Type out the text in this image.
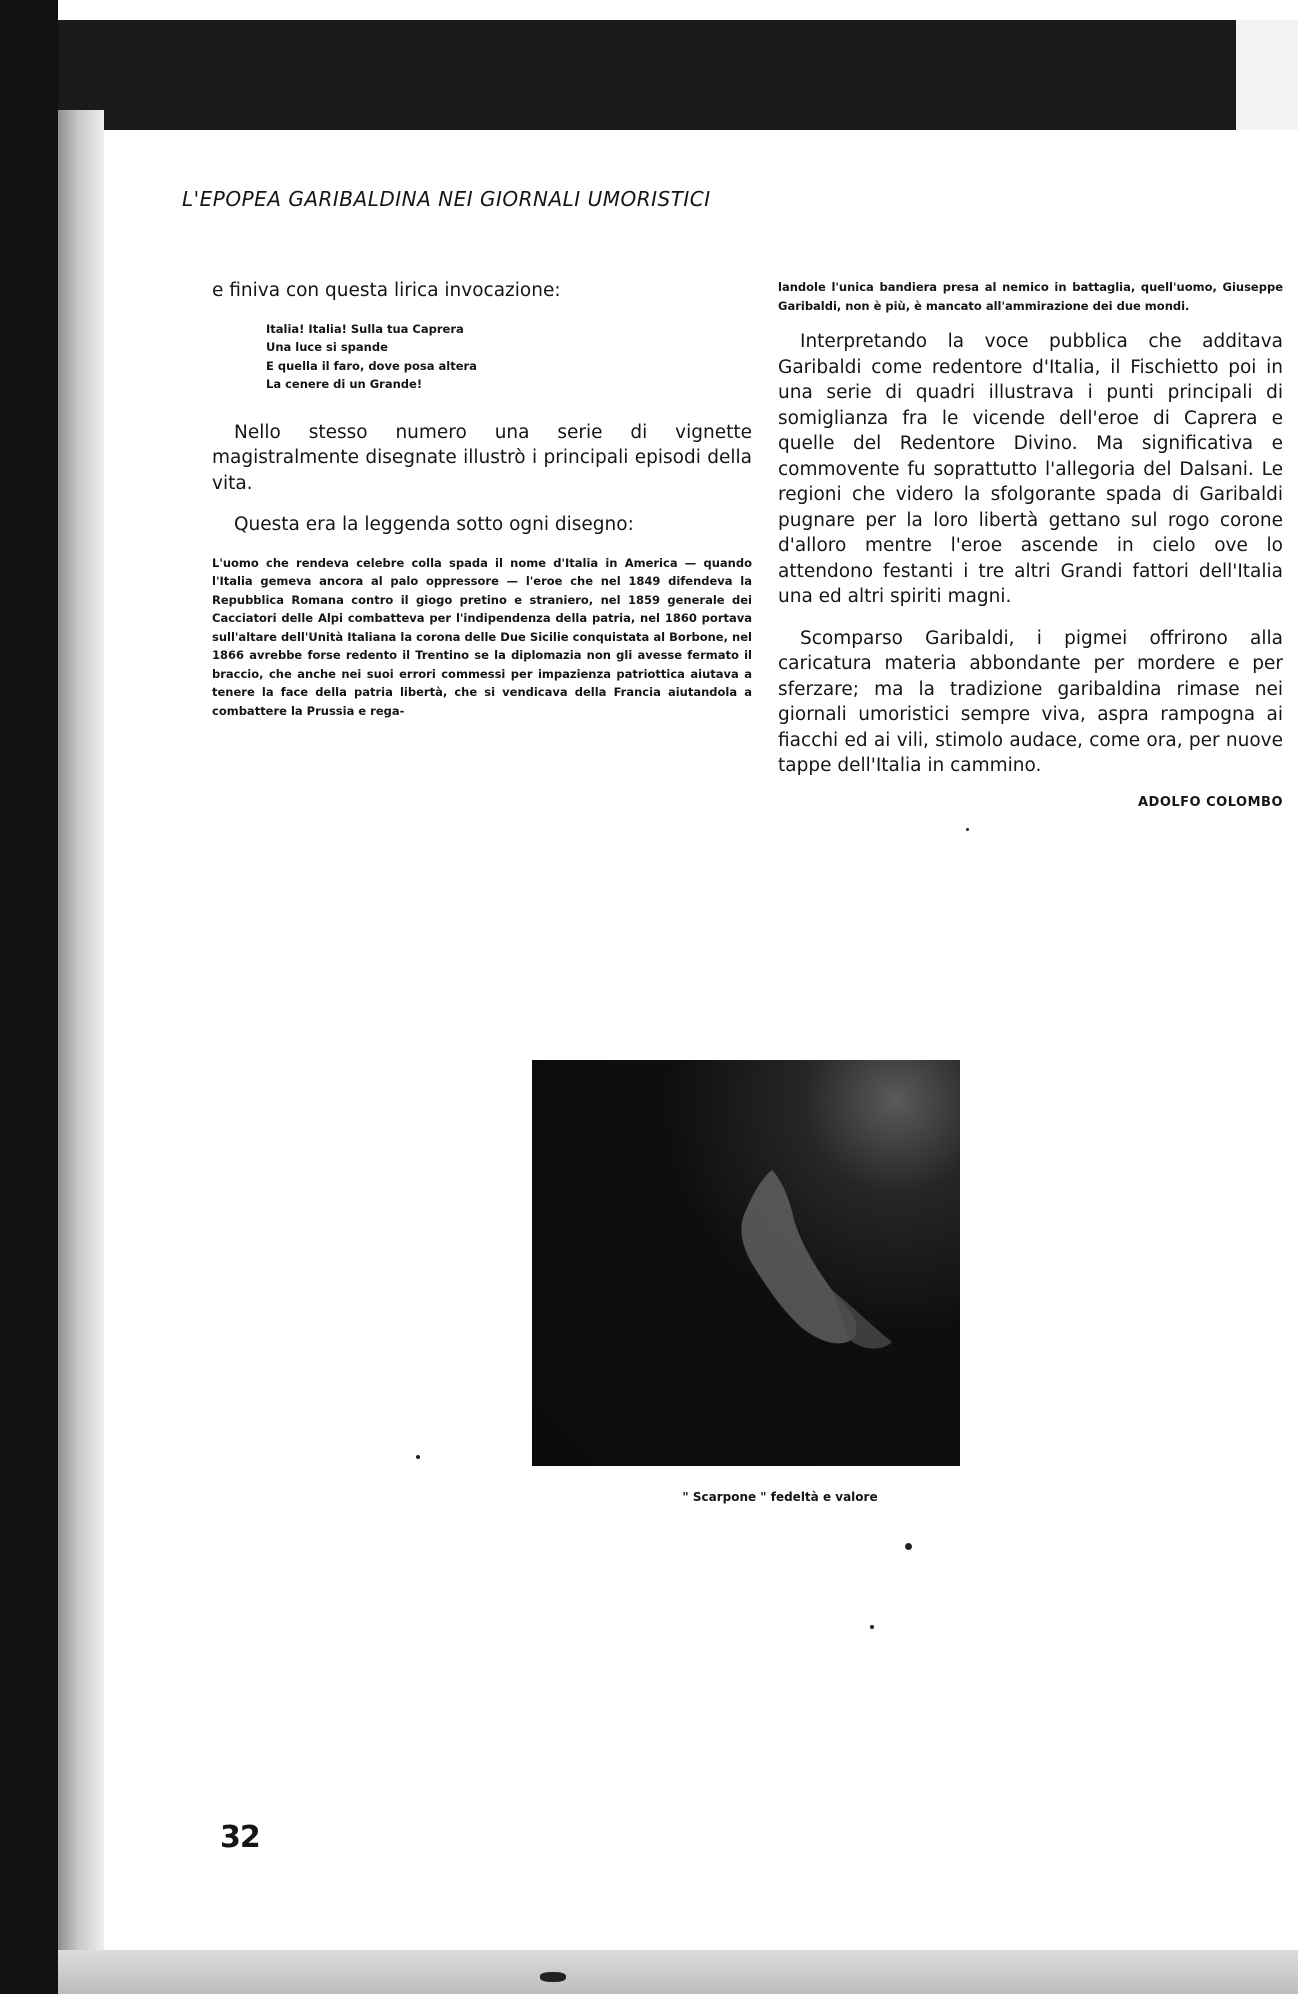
L'EPOPEA GARIBALDINA NEI GIORNALI UMORISTICI

e finiva con questa lirica invocazione:

Italia! Italia! Sulla tua Caprera
Una luce si spande
E quella il faro, dove posa altera
La cenere di un Grande!

Nello stesso numero una serie di vignette magistralmente disegnate illustrò i principali episodi della vita.

Questa era la leggenda sotto ogni disegno:

L'uomo che rendeva celebre colla spada il nome d'Italia in America — quando l'Italia gemeva ancora al palo oppressore — l'eroe che nel 1849 difendeva la Repubblica Romana contro il giogo pretino e straniero, nel 1859 generale dei Cacciatori delle Alpi combatteva per l'indipendenza della patria, nel 1860 portava sull'altare dell'Unità Italiana la corona delle Due Sicilie conquistata al Borbone, nel 1866 avrebbe forse redento il Trentino se la diplomazia non gli avesse fermato il braccio, che anche nei suoi errori commessi per impazienza patriottica aiutava a tenere la face della patria libertà, che si vendicava della Francia aiutandola a combattere la Prussia e rega-

landole l'unica bandiera presa al nemico in battaglia, quell'uomo, Giuseppe Garibaldi, non è più, è mancato all'ammirazione dei due mondi.

Interpretando la voce pubblica che additava Garibaldi come redentore d'Italia, il Fischietto poi in una serie di quadri illustrava i punti principali di somiglianza fra le vicende dell'eroe di Caprera e quelle del Redentore Divino. Ma significativa e commovente fu soprattutto l'allegoria del Dalsani. Le regioni che videro la sfolgorante spada di Garibaldi pugnare per la loro libertà gettano sul rogo corone d'alloro mentre l'eroe ascende in cielo ove lo attendono festanti i tre altri Grandi fattori dell'Italia una ed altri spiriti magni.

Scomparso Garibaldi, i pigmei offrirono alla caricatura materia abbondante per mordere e per sferzare; ma la tradizione garibaldina rimase nei giornali umoristici sempre viva, aspra rampogna ai fiacchi ed ai vili, stimolo audace, come ora, per nuove tappe dell'Italia in cammino.

ADOLFO COLOMBO
" Scarpone " fedeltà e valore
32
